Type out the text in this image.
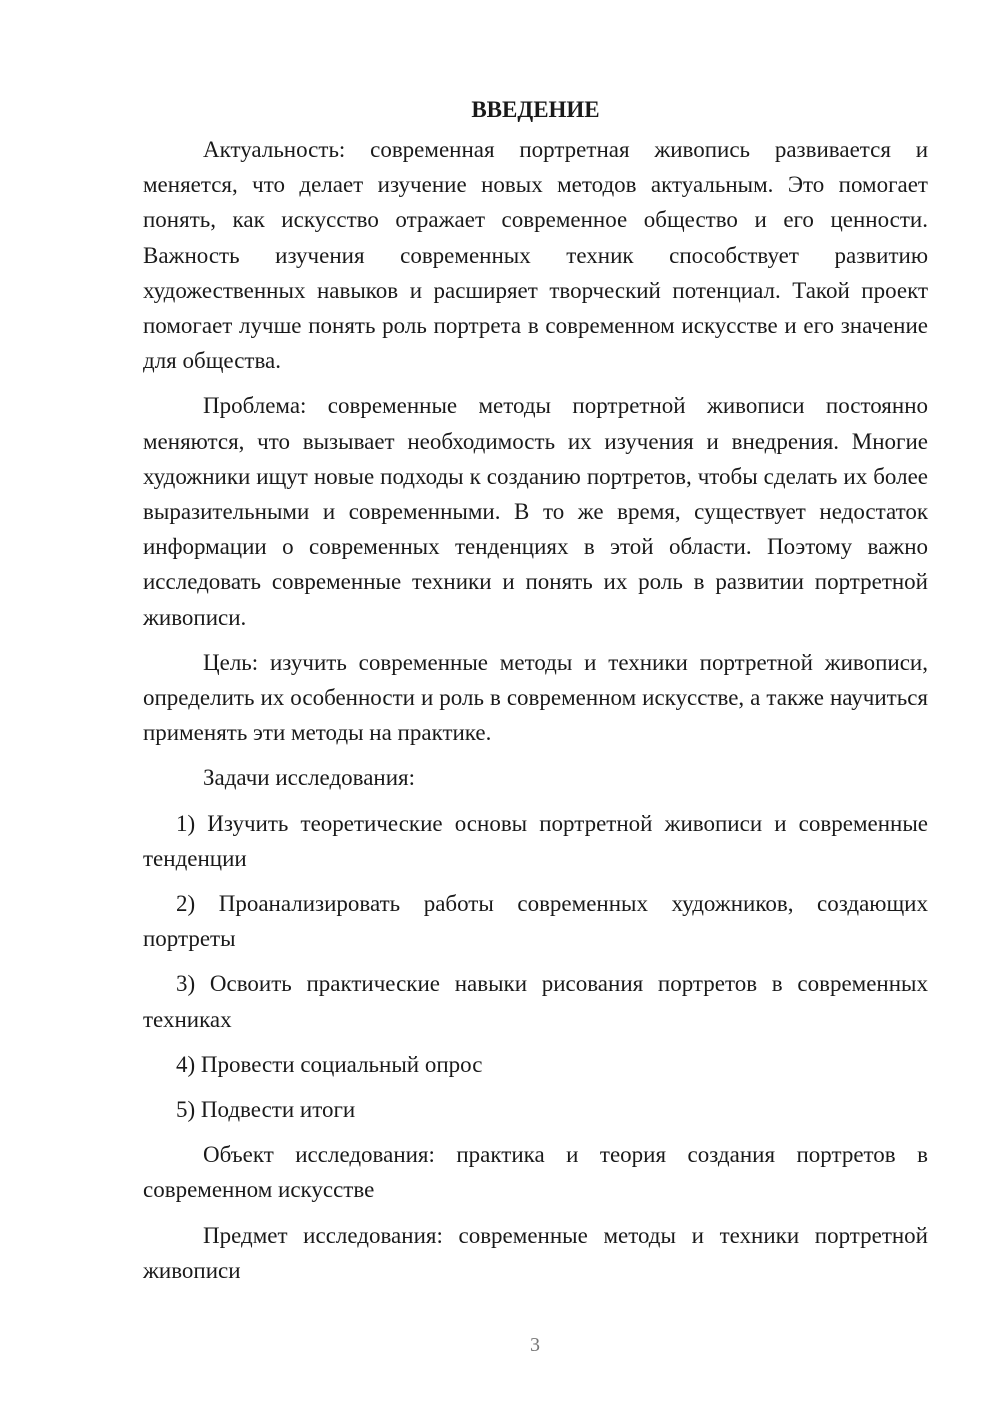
ВВЕДЕНИЕ

Актуальность: современная портретная живопись развивается и меняется, что делает изучение новых методов актуальным. Это помогает понять, как искусство отражает современное общество и его ценности. Важность изучения современных техник способствует развитию художественных навыков и расширяет творческий потенциал. Такой проект помогает лучше понять роль портрета в современном искусстве и его значение для общества.

Проблема: современные методы портретной живописи постоянно меняются, что вызывает необходимость их изучения и внедрения. Многие художники ищут новые подходы к созданию портретов, чтобы сделать их более выразительными и современными. В то же время, существует недостаток информации о современных тенденциях в этой области. Поэтому важно исследовать современные техники и понять их роль в развитии портретной живописи.

Цель: изучить современные методы и техники портретной живописи, определить их особенности и роль в современном искусстве, а также научиться применять эти методы на практике.

Задачи исследования:

1) Изучить теоретические основы портретной живописи и современные тенденции

2) Проанализировать работы современных художников, создающих портреты

3) Освоить практические навыки рисования портретов в современных техниках

4) Провести социальный опрос

5) Подвести итоги

Объект исследования: практика и теория создания портретов в современном искусстве

Предмет исследования: современные методы и техники портретной живописи

3
